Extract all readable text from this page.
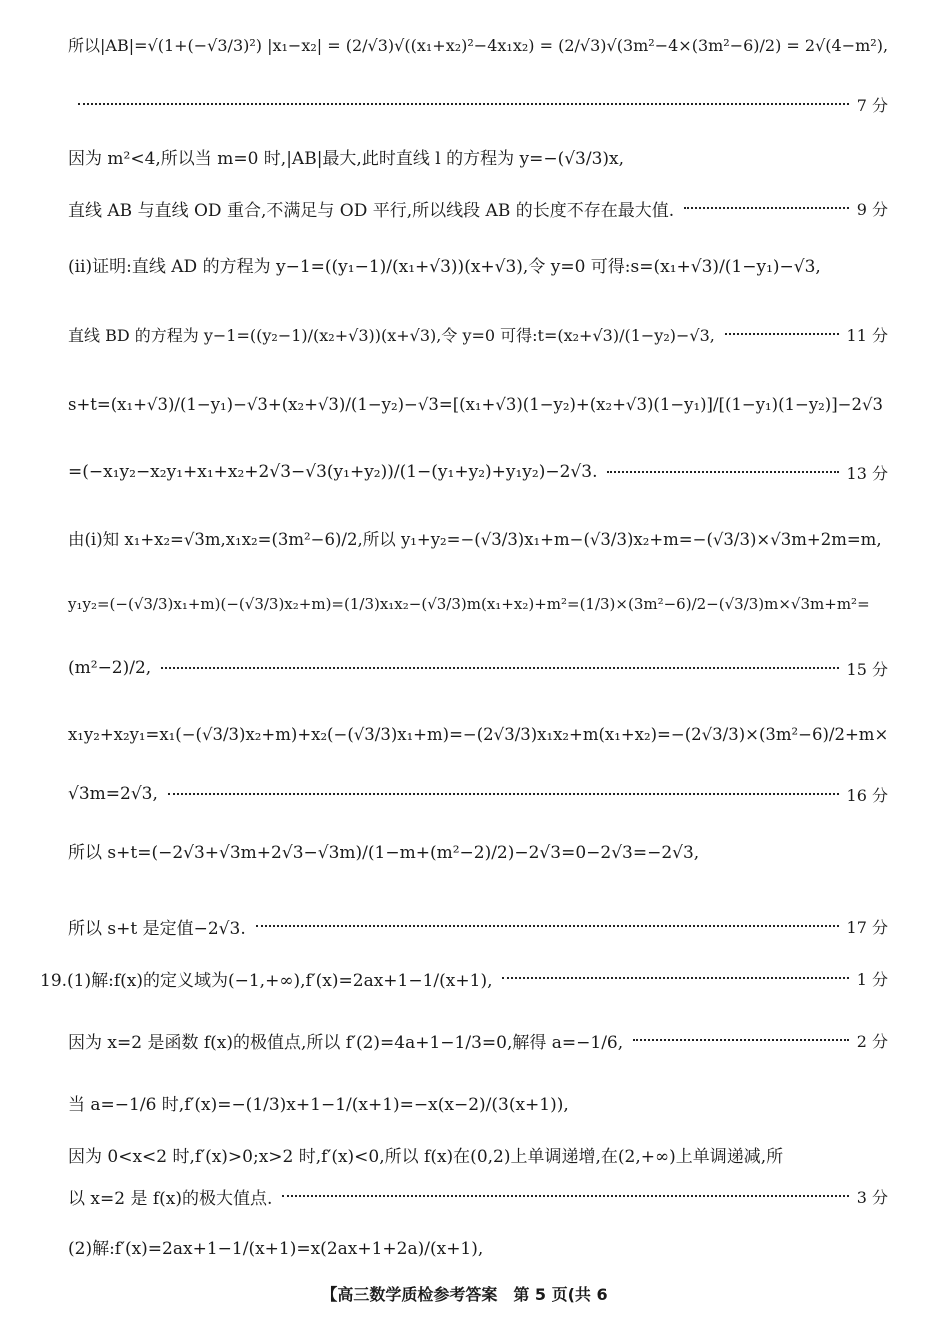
所以|AB|=√(1+(−√3/3)²) |x₁−x₂| = (2/√3)√((x₁+x₂)²−4x₁x₂) = (2/√3)√(3m²−4×(3m²−6)/2) = 2√(4−m²),
7 分
因为 m²<4,所以当 m=0 时,|AB|最大,此时直线 l 的方程为 y=−(√3/3)x,
直线 AB 与直线 OD 重合,不满足与 OD 平行,所以线段 AB 的长度不存在最大值.	9 分
(ⅱ)证明:直线 AD 的方程为 y−1=((y₁−1)/(x₁+√3))(x+√3),令 y=0 可得:s=(x₁+√3)/(1−y₁)−√3,
直线 BD 的方程为 y−1=((y₂−1)/(x₂+√3))(x+√3),令 y=0 可得:t=(x₂+√3)/(1−y₂)−√3,	11 分
s+t=(x₁+√3)/(1−y₁)−√3+(x₂+√3)/(1−y₂)−√3=[(x₁+√3)(1−y₂)+(x₂+√3)(1−y₁)]/[(1−y₁)(1−y₂)]−2√3
=(−x₁y₂−x₂y₁+x₁+x₂+2√3−√3(y₁+y₂))/(1−(y₁+y₂)+y₁y₂)−2√3.	13 分
由(ⅰ)知 x₁+x₂=√3m,x₁x₂=(3m²−6)/2,所以 y₁+y₂=−(√3/3)x₁+m−(√3/3)x₂+m=−(√3/3)×√3m+2m=m,
y₁y₂=(−(√3/3)x₁+m)(−(√3/3)x₂+m)=(1/3)x₁x₂−(√3/3)m(x₁+x₂)+m²=(1/3)×(3m²−6)/2−(√3/3)m×√3m+m²=
(m²−2)/2,	15 分
x₁y₂+x₂y₁=x₁(−(√3/3)x₂+m)+x₂(−(√3/3)x₁+m)=−(2√3/3)x₁x₂+m(x₁+x₂)=−(2√3/3)×(3m²−6)/2+m×
√3m=2√3,	16 分
所以 s+t=(−2√3+√3m+2√3−√3m)/(1−m+(m²−2)/2)−2√3=0−2√3=−2√3,
所以 s+t 是定值−2√3.	17 分
19.(1)解:f(x)的定义域为(−1,+∞),f′(x)=2ax+1−1/(x+1),	1 分
因为 x=2 是函数 f(x)的极值点,所以 f′(2)=4a+1−1/3=0,解得 a=−1/6,	2 分
当 a=−1/6 时,f′(x)=−(1/3)x+1−1/(x+1)=−x(x−2)/(3(x+1)),
因为 0<x<2 时,f′(x)>0;x>2 时,f′(x)<0,所以 f(x)在(0,2)上单调递增,在(2,+∞)上单调递减,所
以 x=2 是 f(x)的极大值点.	3 分
(2)解:f′(x)=2ax+1−1/(x+1)=x(2ax+1+2a)/(x+1),
【高三数学质检参考答案　第 5 页(共 6
